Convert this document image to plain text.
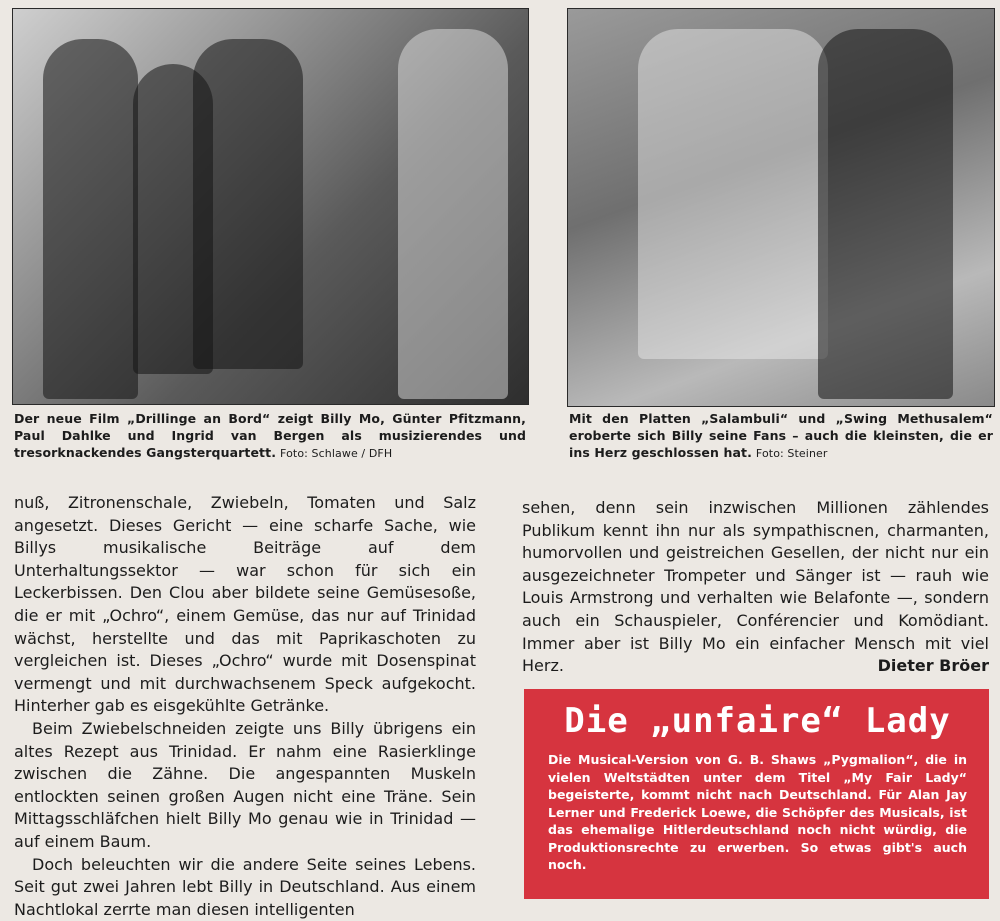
Der neue Film „Drillinge an Bord“ zeigt Billy Mo, Günter Pfitzmann, Paul Dahlke und Ingrid van Bergen als musizierendes und tresorknackendes Gangsterquartett. Foto: Schlawe / DFH
Mit den Platten „Salambuli“ und „Swing Methusalem“ eroberte sich Billy seine Fans – auch die kleinsten, die er ins Herz geschlossen hat. Foto: Steiner

nuß, Zitronenschale, Zwiebeln, Tomaten und Salz angesetzt. Dieses Gericht — eine scharfe Sache, wie Billys musikalische Beiträge auf dem Unterhaltungssektor — war schon für sich ein Leckerbissen. Den Clou aber bildete seine Gemüsesoße, die er mit „Ochro“, einem Gemüse, das nur auf Trinidad wächst, herstellte und das mit Paprikaschoten zu vergleichen ist. Dieses „Ochro“ wurde mit Dosenspinat vermengt und mit durchwachsenem Speck aufgekocht. Hinterher gab es eisgekühlte Getränke.

Beim Zwiebelschneiden zeigte uns Billy übrigens ein altes Rezept aus Trinidad. Er nahm eine Rasierklinge zwischen die Zähne. Die angespannten Muskeln entlockten seinen großen Augen nicht eine Träne. Sein Mittagsschläfchen hielt Billy Mo genau wie in Trinidad — auf einem Baum.

Doch beleuchten wir die andere Seite seines Lebens. Seit gut zwei Jahren lebt Billy in Deutschland. Aus einem Nachtlokal zerrte man diesen intelligenten

sehen, denn sein inzwischen Millionen zählendes Publikum kennt ihn nur als sympathiscnen, charmanten, humorvollen und geistreichen Gesellen, der nicht nur ein ausgezeichneter Trompeter und Sänger ist — rauh wie Louis Armstrong und verhalten wie Belafonte —, sondern auch ein Schauspieler, Conférencier und Komödiant. Immer aber ist Billy Mo ein einfacher Mensch mit viel Herz.	Dieter Bröer
Die „unfaire“ Lady
Die Musical-Version von G. B. Shaws „Pygmalion“, die in vielen Weltstädten unter dem Titel „My Fair Lady“ begeisterte, kommt nicht nach Deutschland. Für Alan Jay Lerner und Frederick Loewe, die Schöpfer des Musicals, ist das ehemalige Hitlerdeutschland noch nicht würdig, die Produktionsrechte zu erwerben. So etwas gibt's auch noch.
